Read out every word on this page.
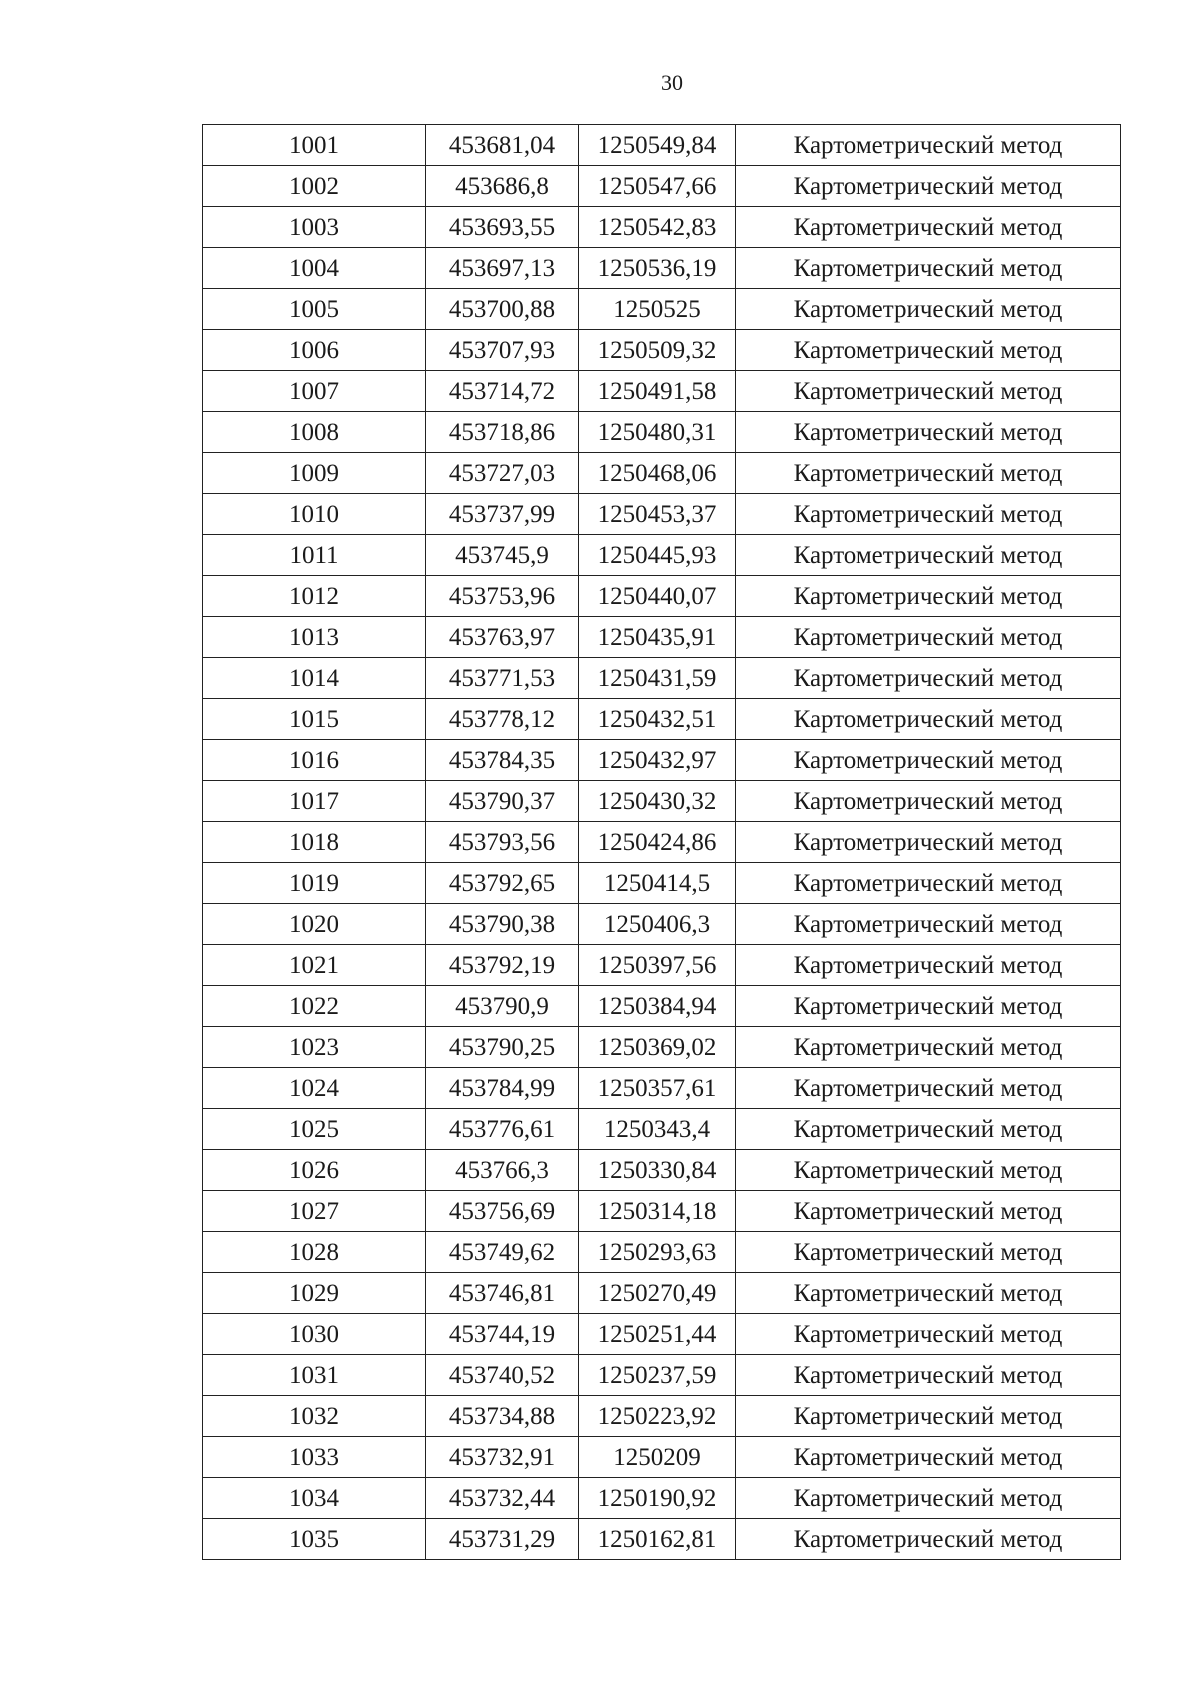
30
1001	453681,04	1250549,84	Картометрический метод
1002	453686,8	1250547,66	Картометрический метод
1003	453693,55	1250542,83	Картометрический метод
1004	453697,13	1250536,19	Картометрический метод
1005	453700,88	1250525	Картометрический метод
1006	453707,93	1250509,32	Картометрический метод
1007	453714,72	1250491,58	Картометрический метод
1008	453718,86	1250480,31	Картометрический метод
1009	453727,03	1250468,06	Картометрический метод
1010	453737,99	1250453,37	Картометрический метод
1011	453745,9	1250445,93	Картометрический метод
1012	453753,96	1250440,07	Картометрический метод
1013	453763,97	1250435,91	Картометрический метод
1014	453771,53	1250431,59	Картометрический метод
1015	453778,12	1250432,51	Картометрический метод
1016	453784,35	1250432,97	Картометрический метод
1017	453790,37	1250430,32	Картометрический метод
1018	453793,56	1250424,86	Картометрический метод
1019	453792,65	1250414,5	Картометрический метод
1020	453790,38	1250406,3	Картометрический метод
1021	453792,19	1250397,56	Картометрический метод
1022	453790,9	1250384,94	Картометрический метод
1023	453790,25	1250369,02	Картометрический метод
1024	453784,99	1250357,61	Картометрический метод
1025	453776,61	1250343,4	Картометрический метод
1026	453766,3	1250330,84	Картометрический метод
1027	453756,69	1250314,18	Картометрический метод
1028	453749,62	1250293,63	Картометрический метод
1029	453746,81	1250270,49	Картометрический метод
1030	453744,19	1250251,44	Картометрический метод
1031	453740,52	1250237,59	Картометрический метод
1032	453734,88	1250223,92	Картометрический метод
1033	453732,91	1250209	Картометрический метод
1034	453732,44	1250190,92	Картометрический метод
1035	453731,29	1250162,81	Картометрический метод
